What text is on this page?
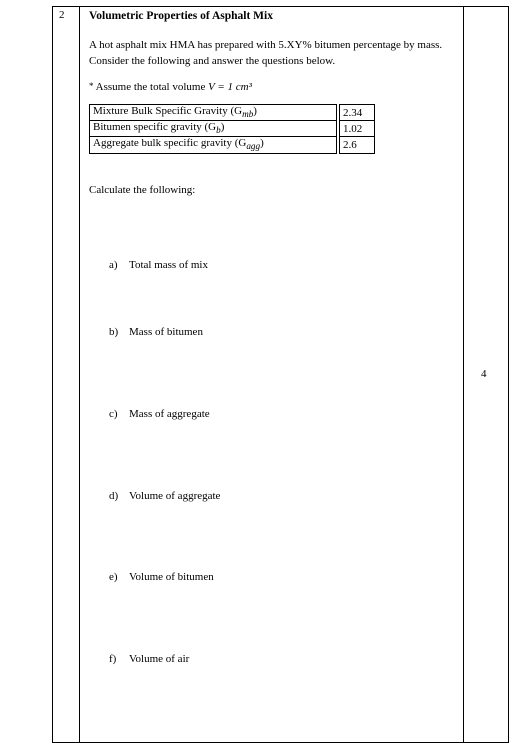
2
4

Volumetric Properties of Asphalt Mix

A hot asphalt mix HMA has prepared with 5.XY% bitumen percentage by mass.

Consider the following and answer the questions below.

* Assume the total volume V = 1 cm³

Mixture Bulk Specific Gravity $(G_{mb})$		2.34
Bitumen specific gravity $(G_b)$		1.02
Aggregate bulk specific gravity $(G_{agg})$		2.6

Calculate the following:

a) Total mass of mix
b) Mass of bitumen
c) Mass of aggregate
d) Volume of aggregate
e) Volume of bitumen
f) Volume of air
